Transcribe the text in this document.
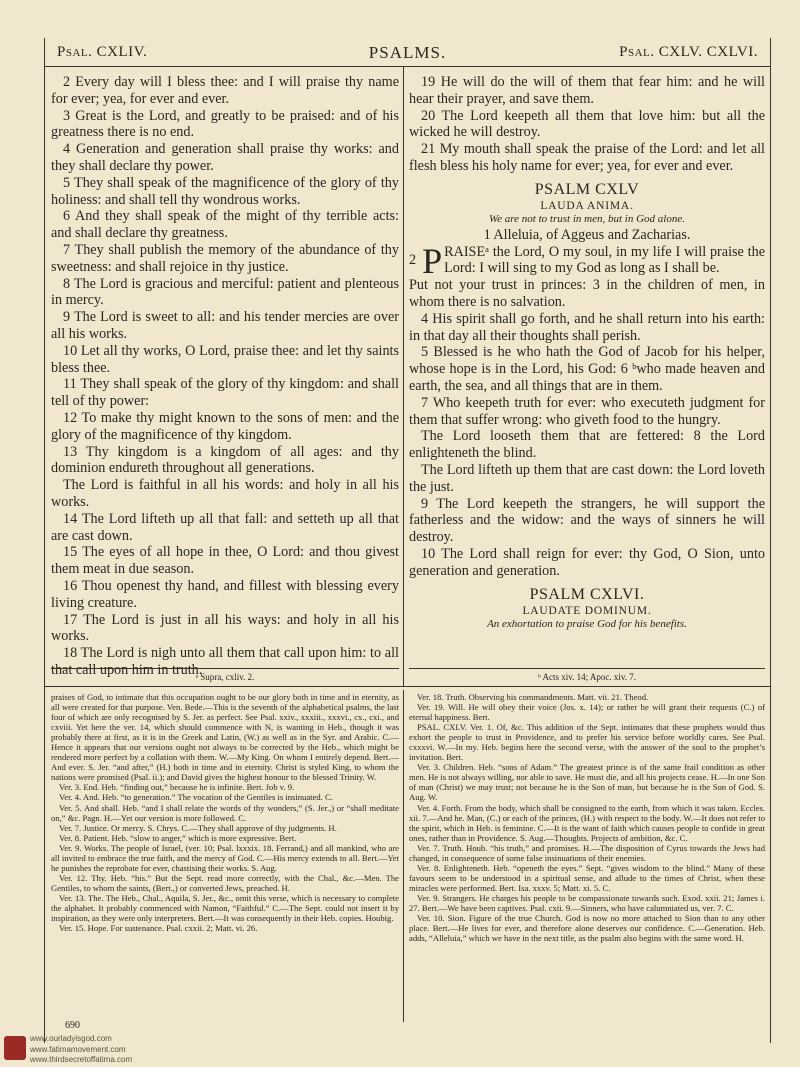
Psal. CXLIV.	PSALMS.	Psal. CXLV. CXLVI.

2 Every day will I bless thee: and I will praise thy name for ever; yea, for ever and ever.

3 Great is the Lord, and greatly to be praised: and of his greatness there is no end.

4 Generation and generation shall praise thy works: and they shall declare thy power.

5 They shall speak of the magnificence of the glory of thy holiness: and shall tell thy wondrous works.

6 And they shall speak of the might of thy terrible acts: and shall declare thy greatness.

7 They shall publish the memory of the abundance of thy sweetness: and shall rejoice in thy justice.

8 The Lord is gracious and merciful: patient and plenteous in mercy.

9 The Lord is sweet to all: and his tender mercies are over all his works.

10 Let all thy works, O Lord, praise thee: and let thy saints bless thee.

11 They shall speak of the glory of thy kingdom: and shall tell of thy power:

12 To make thy might known to the sons of men: and the glory of the magnificence of thy kingdom.

13 Thy kingdom is a kingdom of all ages: and thy dominion endureth throughout all generations.

The Lord is faithful in all his words: and holy in all his works.

14 The Lord lifteth up all that fall: and setteth up all that are cast down.

15 The eyes of all hope in thee, O Lord: and thou givest them meat in due season.

16 Thou openest thy hand, and fillest with blessing every living creature.

17 The Lord is just in all his ways: and holy in all his works.

18 The Lord is nigh unto all them that call upon him: to all that call upon him in truth.

19 He will do the will of them that fear him: and he will hear their prayer, and save them.

20 The Lord keepeth all them that love him: but all the wicked he will destroy.

21 My mouth shall speak the praise of the Lord: and let all flesh bless his holy name for ever; yea, for ever and ever.

PSALM CXLV
LAUDA ANIMA.
We are not to trust in men, but in God alone.

1 Alleluia, of Aggeus and Zacharias.

2 P RAISEᵃ the Lord, O my soul, in my life I will praise the Lord: I will sing to my God as long as I shall be.

Put not your trust in princes: 3 in the children of men, in whom there is no salvation.

4 His spirit shall go forth, and he shall return into his earth: in that day all their thoughts shall perish.

5 Blessed is he who hath the God of Jacob for his helper, whose hope is in the Lord, his God: 6 ᵇwho made heaven and earth, the sea, and all things that are in them.

7 Who keepeth truth for ever: who executeth judgment for them that suffer wrong: who giveth food to the hungry.

The Lord looseth them that are fettered: 8 the Lord enlighteneth the blind.

The Lord lifteth up them that are cast down: the Lord loveth the just.

9 The Lord keepeth the strangers, he will support the fatherless and the widow: and the ways of sinners he will destroy.

10 The Lord shall reign for ever: thy God, O Sion, unto generation and generation.

PSALM CXLVI.
LAUDATE DOMINUM.
An exhortation to praise God for his benefits.
ᵃ Supra, cxliv. 2.	ᵇ Acts xiv. 14; Apoc. xiv. 7.

praises of God, to intimate that this occupation ought to be our glory both in time and in eternity, as all were created for that purpose. Ven. Bede.—This is the seventh of the alphabetical psalms, the last four of which are only recognised by S. Jer. as perfect. See Psal. xxiv., xxxiii., xxxvi., cx., cxi., and cxviii. Yet here the ver. 14, which should commence with N, is wanting in Heb., though it was probably there at first, as it is in the Greek and Latin, (W.) as well as in the Syr. and Arabic. C.—Hence it appears that our versions ought not always to be corrected by the Heb., which might be rendered more perfect by a collation with them. W.—My King. On whom I entirely depend. Bert.—And ever. S. Jer. “and after,” (H.) both in time and in eternity. Christ is styled King, to whom the nations were promised (Psal. ii.); and David gives the highest honour to the blessed Trinity. W.

Ver. 3. End. Heb. “finding out,” because he is infinite. Bert. Job v. 9.

Ver. 4. And. Heb. “to generation.” The vocation of the Gentiles is insinuated. C.

Ver. 5. And shall. Heb. “and I shall relate the words of thy wonders,” (S. Jer.,) or “shall meditate on,” &c. Pagn. H.—Yet our version is more followed. C.

Ver. 7. Justice. Or mercy. S. Chrys. C.—They shall approve of thy judgments. H.

Ver. 8. Patient. Heb. “slow to anger,” which is more expressive. Bert.

Ver. 9. Works. The people of Israel, (ver. 10; Psal. lxxxix. 18. Ferrand,) and all mankind, who are all invited to embrace the true faith, and the mercy of God. C.—His mercy extends to all. Bert.—Yet he punishes the reprobate for ever, chastising their works. S. Aug.

Ver. 12. Thy. Heb. “his.” But the Sept. read more correctly, with the Chal., &c.—Men. The Gentiles, to whom the saints, (Bert.,) or converted Jews, preached. H.

Ver. 13. The. The Heb., Chal., Aquila, S. Jer., &c., omit this verse, which is necessary to complete the alphabet. It probably commenced with Namon, “Faithful.” C.—The Sept. could not insert it by inspiration, as they were only interpreters. Bert.—It was consequently in their Heb. copies. Houbig.

Ver. 15. Hope. For sustenance. Psal. cxxii. 2; Matt. vi. 26.

Ver. 18. Truth. Observing his commandments. Matt. vii. 21. Theod.

Ver. 19. Will. He will obey their voice (Jos. x. 14); or rather he will grant their requests (C.) of eternal happiness. Bert.

PSAL. CXLV. Ver. 1. Of, &c. This addition of the Sept. intimates that these prophets would thus exhort the people to trust in Providence, and to prefer his service before worldly cares. See Psal. cxxxvi. W.—In my. Heb. begins here the second verse, with the answer of the soul to the prophet’s invitation. Bert.

Ver. 3. Children. Heb. “sons of Adam.” The greatest prince is of the same frail condition as other men. He is not always willing, nor able to save. He must die, and all his projects cease. H.—In one Son of man (Christ) we may trust; not because he is the Son of man, but because he is the Son of God. S. Aug. W.

Ver. 4. Forth. From the body, which shall be consigned to the earth, from which it was taken. Eccles. xii. 7.—And he. Man, (C.) or each of the princes, (H.) with respect to the body. W.—It does not refer to the spirit, which in Heb. is feminine. C.—It is the want of faith which causes people to confide in great ones, rather than in Providence. S. Aug.—Thoughts. Projects of ambition, &c. C.

Ver. 7. Truth. Houb. “his truth,” and promises. H.—The disposition of Cyrus towards the Jews had changed, in consequence of some false insinuations of their enemies.

Ver. 8. Enlighteneth. Heb. “openeth the eyes.” Sept. “gives wisdom to the blind.” Many of these favours seem to be understood in a spiritual sense, and allude to the times of Christ, when these miracles were performed. Bert. Isa. xxxv. 5; Matt. xi. 5. C.

Ver. 9. Strangers. He charges his people to be compassionate towards such. Exod. xxii. 21; James i. 27. Bert.—We have been captives. Psal. cxii. 9.—Sinners, who have calumniated us, ver. 7. C.

Ver. 10. Sion. Figure of the true Church. God is now no more attached to Sion than to any other place. Bert.—He lives for ever, and therefore alone deserves our confidence. C.—Generation. Heb. adds, “Alleluia,” which we have in the next title, as the psalm also begins with the same word. H.

690
www.ourladyisgod.com
www.fatimamovement.com
www.thirdsecretoffatima.com
